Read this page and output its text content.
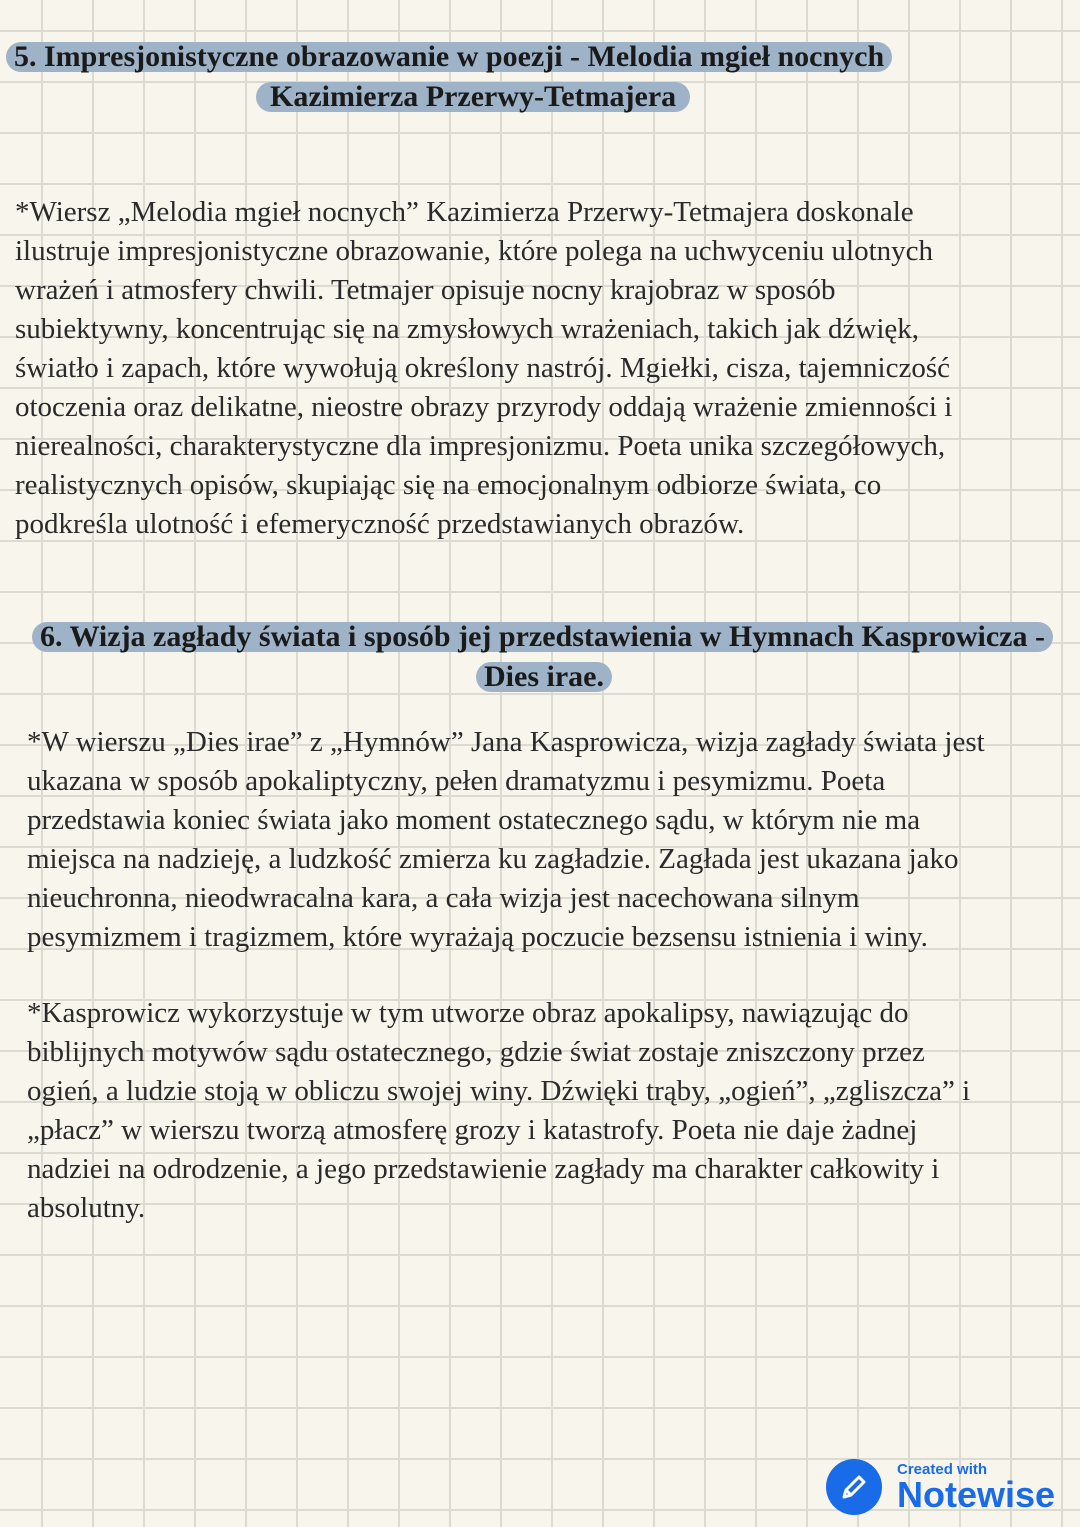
5. Impresjonistyczne obrazowanie w poezji - Melodia mgieł nocnych
Kazimierza Przerwy-Tetmajera
*Wiersz „Melodia mgieł nocnych” Kazimierza Przerwy-Tetmajera doskonale
ilustruje impresjonistyczne obrazowanie, które polega na uchwyceniu ulotnych
wrażeń i atmosfery chwili. Tetmajer opisuje nocny krajobraz w sposób
subiektywny, koncentrując się na zmysłowych wrażeniach, takich jak dźwięk,
światło i zapach, które wywołują określony nastrój. Mgiełki, cisza, tajemniczość
otoczenia oraz delikatne, nieostre obrazy przyrody oddają wrażenie zmienności i
nierealności, charakterystyczne dla impresjonizmu. Poeta unika szczegółowych,
realistycznych opisów, skupiając się na emocjonalnym odbiorze świata, co
podkreśla ulotność i efemeryczność przedstawianych obrazów.
6. Wizja zagłady świata i sposób jej przedstawienia w Hymnach Kasprowicza -
Dies irae.
*W wierszu „Dies irae” z „Hymnów” Jana Kasprowicza, wizja zagłady świata jest
ukazana w sposób apokaliptyczny, pełen dramatyzmu i pesymizmu. Poeta
przedstawia koniec świata jako moment ostatecznego sądu, w którym nie ma
miejsca na nadzieję, a ludzkość zmierza ku zagładzie. Zagłada jest ukazana jako
nieuchronna, nieodwracalna kara, a cała wizja jest nacechowana silnym
pesymizmem i tragizmem, które wyrażają poczucie bezsensu istnienia i winy.
*Kasprowicz wykorzystuje w tym utworze obraz apokalipsy, nawiązując do
biblijnych motywów sądu ostatecznego, gdzie świat zostaje zniszczony przez
ogień, a ludzie stoją w obliczu swojej winy. Dźwięki trąby, „ogień”, „zgliszcza” i
„płacz” w wierszu tworzą atmosferę grozy i katastrofy. Poeta nie daje żadnej
nadziei na odrodzenie, a jego przedstawienie zagłady ma charakter całkowity i
absolutny.
Created with
Notewise
